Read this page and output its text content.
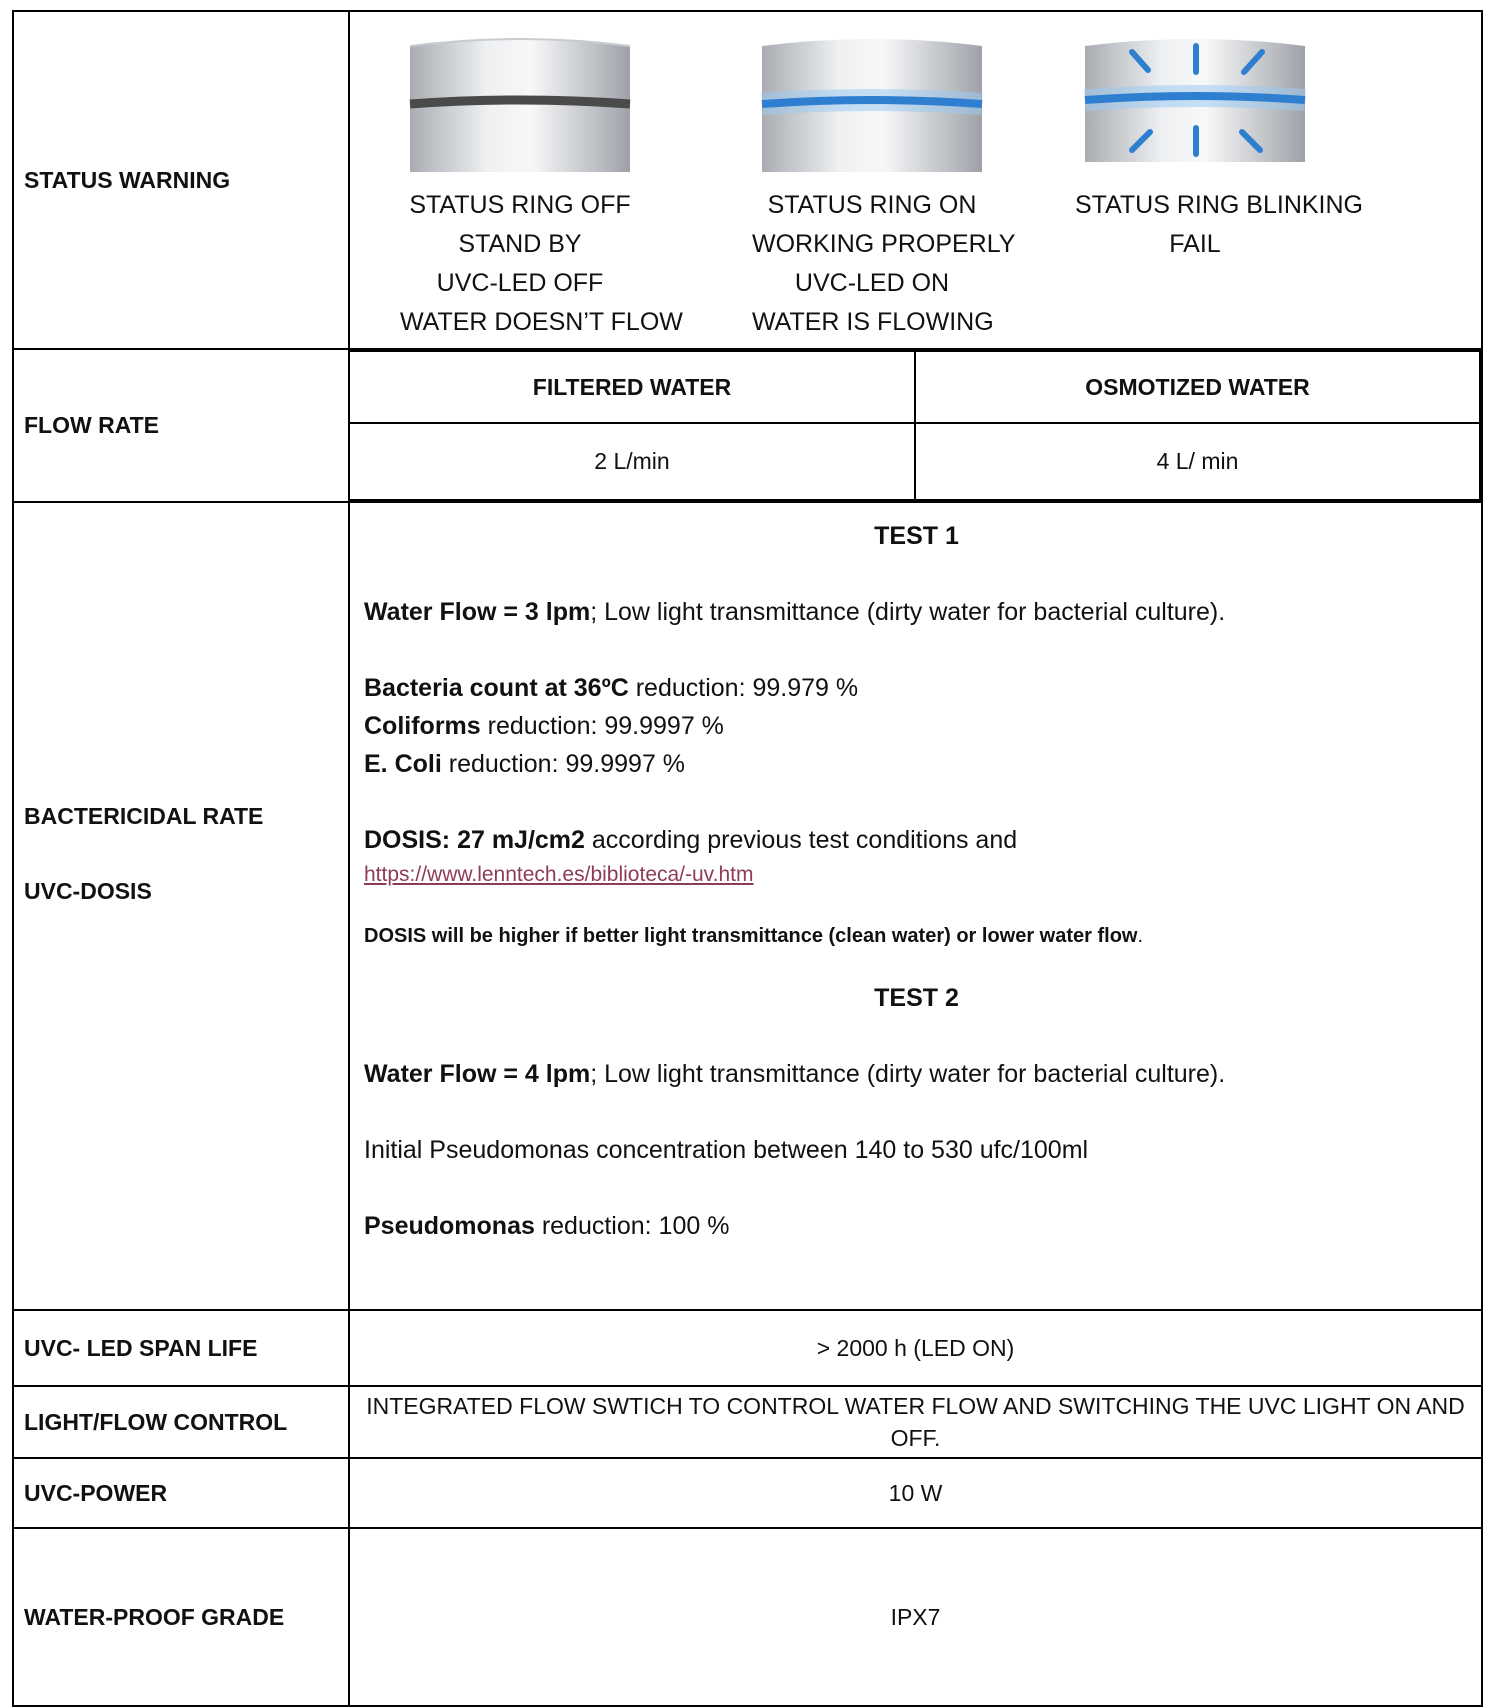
STATUS WARNING	
STATUS RING OFF
STAND BY
UVC-LED OFF
WATER DOESN’T FLOW
STATUS RING ON
WORKING PROPERLY
UVC-LED ON
WATER IS FLOWING
STATUS RING BLINKING
FAIL

FLOW RATE	
FILTERED WATER	OSMOTIZED WATER
2 L/min	4 L/ min

BACTERICIDAL RATE
UVC-DOSIS

TEST 1

Water Flow = 3 lpm; Low light transmittance (dirty water for bacterial culture).

Bacteria count at 36ºC reduction: 99.979 %

Coliforms reduction: 99.9997 %

E. Coli reduction: 99.9997 %

DOSIS: 27 mJ/cm2 according previous test conditions and

https://www.lenntech.es/biblioteca/-uv.htm

DOSIS will be higher if better light transmittance (clean water) or lower water flow.

TEST 2

Water Flow = 4 lpm; Low light transmittance (dirty water for bacterial culture).

Initial Pseudomonas concentration between 140 to 530 ufc/100ml

Pseudomonas reduction: 100 %

UVC- LED SPAN LIFE	> 2000 h (LED ON)
LIGHT/FLOW CONTROL	INTEGRATED FLOW SWTICH TO CONTROL WATER FLOW AND SWITCHING THE UVC LIGHT ON AND OFF.
UVC-POWER	10 W
WATER-PROOF GRADE	IPX7
